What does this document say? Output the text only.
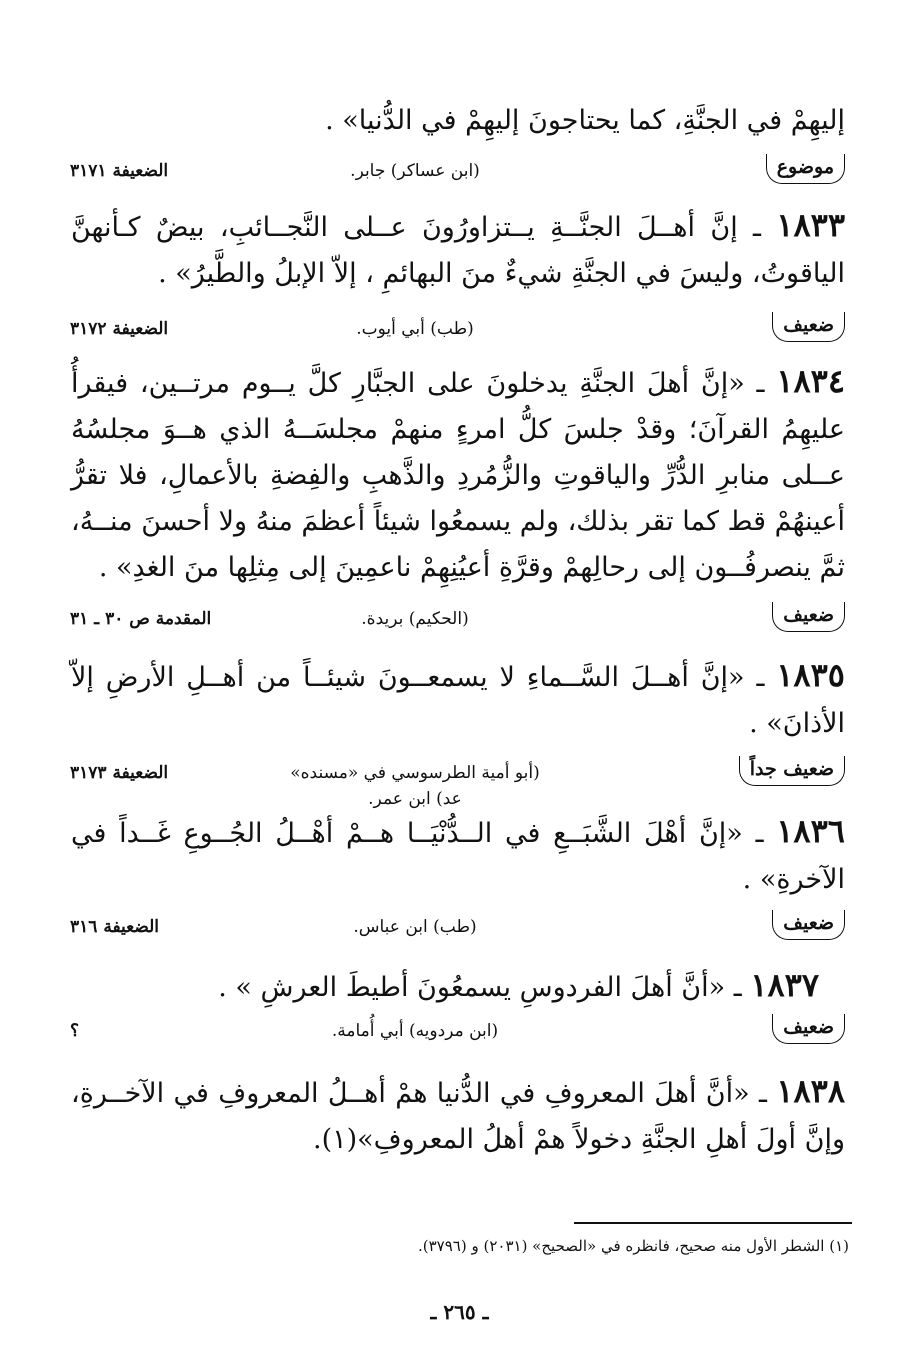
إليهِمْ في الجنَّةِ، كما يحتاجونَ إليهِمْ في الدُّنيا» .
موضوع
(ابن عساكر) جابر.
الضعيفة ٣١٧١
١٨٣٣ ـ إنَّ أهــلَ الجنَّــةِ يــتزاورُونَ عــلى النَّجــائبِ، بيضٌ كـأنهنَّ الياقوتُ، وليسَ في الجنَّةِ شيءٌ منَ البهائمِ ، إلاّ الإبلُ والطَّيرُ» .
ضعيف
(طب) أبي أيوب.
الضعيفة ٣١٧٢
١٨٣٤ ـ «إنَّ أهلَ الجنَّةِ يدخلونَ على الجبَّارِ كلَّ يــوم مرتــين، فيقرأُ عليهِمُ القرآنَ؛ وقدْ جلسَ كلُّ امرءٍ منهمْ مجلسَــهُ الذي هــوَ مجلسُهُ عــلى منابرِ الدُّرِّ والياقوتِ والزُّمُردِ والذَّهبِ والفِضةِ بالأعمالِ، فلا تقرُّ أعينهُمْ قط كما تقر بذلك، ولم يسمعُوا شيئاً أعظمَ منهُ ولا أحسنَ منــهُ، ثمَّ ينصرفُــون إلى رحالِهمْ وقرَّةِ أعيُنِهِمْ ناعمِينَ إلى مِثلِها منَ الغدِ» .
ضعيف
(الحكيم) بريدة.
المقدمة ص ٣٠ ـ ٣١
١٨٣٥ ـ «إنَّ أهــلَ السَّــماءِ لا يسمعــونَ شيئــاً من أهــلِ الأرضِ إلاّ الأذانَ» .
ضعيف جداً
(أبو أمية الطرسوسي في «مسنده» عد) ابن عمر.
الضعيفة ٣١٧٣
١٨٣٦ ـ «إنَّ أهْلَ الشَّبَــعِ في الــدُّنْيَــا هــمْ أهْــلُ الجُــوعِ غَــداً في الآخرةِ» .
ضعيف
(طب) ابن عباس.
الضعيفة ٣١٦
١٨٣٧ ـ «أنَّ أهلَ الفردوسِ يسمعُونَ أطيطَ العرشِ » .
ضعيف
(ابن مردويه) أبي أُمامة.
؟
١٨٣٨ ـ «أنَّ أهلَ المعروفِ في الدُّنيا همْ أهــلُ المعروفِ في الآخــرةِ، وإنَّ أولَ أهلِ الجنَّةِ دخولاً همْ أهلُ المعروفِ»(١).
(١) الشطر الأول منه صحيح، فانظره في «الصحيح» (٢٠٣١) و (٣٧٩٦).
ـ ٢٦٥ ـ
